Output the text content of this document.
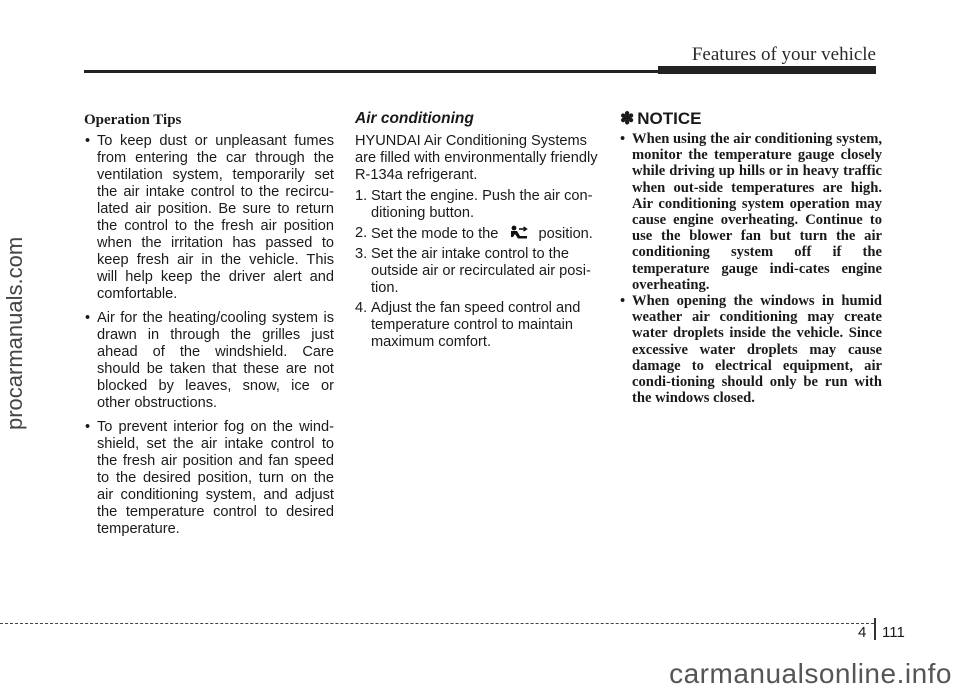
Features of your vehicle
procarmanuals.com
Operation Tips
• To keep dust or unpleasant fumes from entering the car through the ventilation system, temporarily set the air intake control to the recircu-lated air position. Be sure to return the control to the fresh air position when the irritation has passed to keep fresh air in the vehicle. This will help keep the driver alert and comfortable.
• Air for the heating/cooling system is drawn in through the grilles just ahead of the windshield. Care should be taken that these are not blocked by leaves, snow, ice or other obstructions.
• To prevent interior fog on the wind-shield, set the air intake control to the fresh air position and fan speed to the desired position, turn on the air conditioning system, and adjust the temperature control to desired temperature.
Air conditioning
HYUNDAI Air Conditioning Systems are filled with environmentally friendly R-134a refrigerant.
1. Start the engine. Push the air con-ditioning button.
2. Set the mode to the	position.
3. Set the air intake control to the outside air or recirculated air posi-tion.
4. Adjust the fan speed control and temperature control to maintain maximum comfort.
✽ NOTICE
• When using the air conditioning system, monitor the temperature gauge closely while driving up hills or in heavy traffic when out-side temperatures are high. Air conditioning system operation may cause engine overheating. Continue to use the blower fan but turn the air conditioning system off if the temperature gauge indi-cates engine overheating.
• When opening the windows in humid weather air conditioning may create water droplets inside the vehicle. Since excessive water droplets may cause damage to electrical equipment, air condi-tioning should only be run with the windows closed.
4 111
carmanualsonline.info
